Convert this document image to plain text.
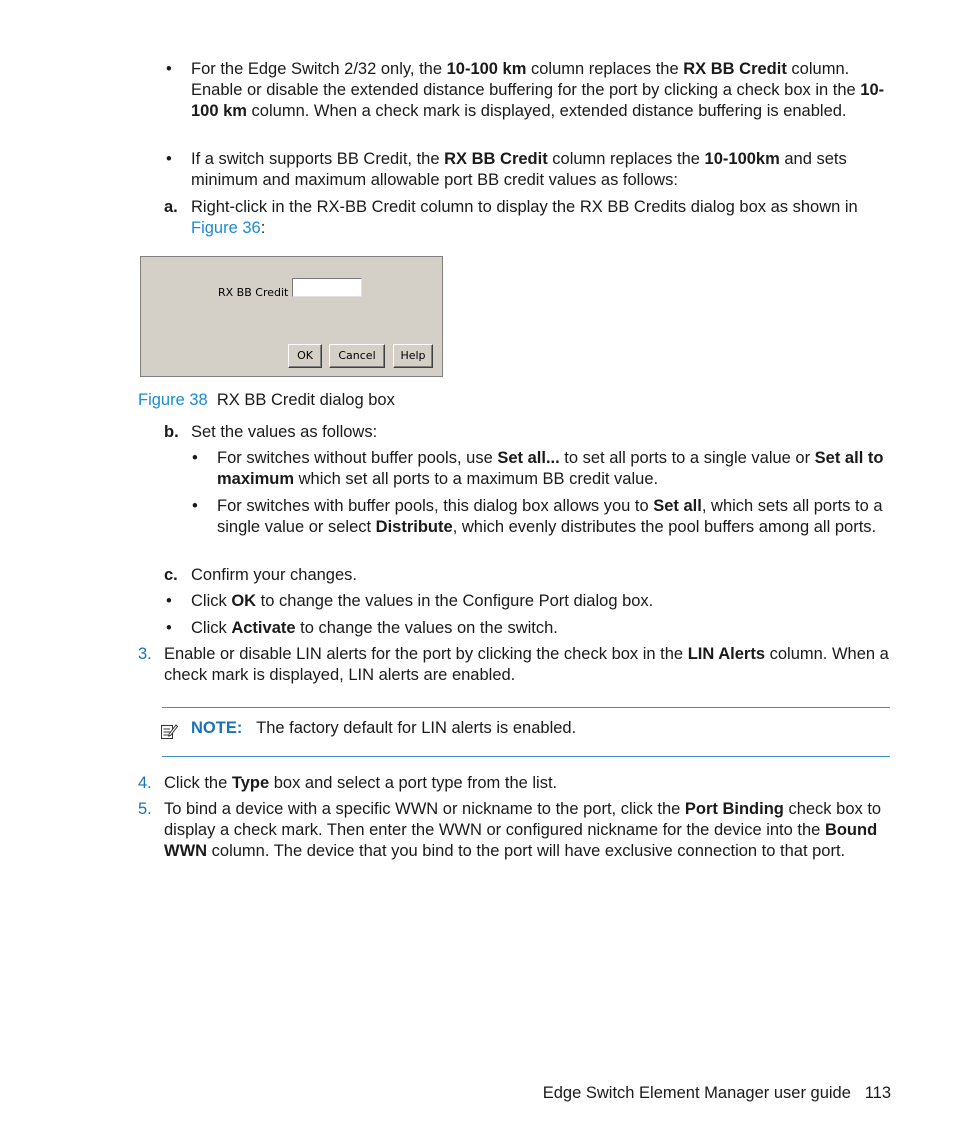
• For the Edge Switch 2/32 only, the 10-100 km column replaces the RX BB Credit column. Enable or disable the extended distance buffering for the port by clicking a check box in the 10-100 km column. When a check mark is displayed, extended distance buffering is enabled.
• If a switch supports BB Credit, the RX BB Credit column replaces the 10-100km and sets minimum and maximum allowable port BB credit values as follows:
a. Right-click in the RX-BB Credit column to display the RX BB Credits dialog box as shown in Figure 36:
RX BB Credit
OK	Cancel	Help
Figure 38 RX BB Credit dialog box
b. Set the values as follows:
• For switches without buffer pools, use Set all... to set all ports to a single value or Set all to maximum which set all ports to a maximum BB credit value.
• For switches with buffer pools, this dialog box allows you to Set all, which sets all ports to a single value or select Distribute, which evenly distributes the pool buffers among all ports.
c. Confirm your changes.
• Click OK to change the values in the Configure Port dialog box.
• Click Activate to change the values on the switch.
3. Enable or disable LIN alerts for the port by clicking the check box in the LIN Alerts column. When a check mark is displayed, LIN alerts are enabled.
NOTE: The factory default for LIN alerts is enabled.
4. Click the Type box and select a port type from the list.
5. To bind a device with a specific WWN or nickname to the port, click the Port Binding check box to display a check mark. Then enter the WWN or configured nickname for the device into the Bound WWN column. The device that you bind to the port will have exclusive connection to that port.
Edge Switch Element Manager user guide 113
